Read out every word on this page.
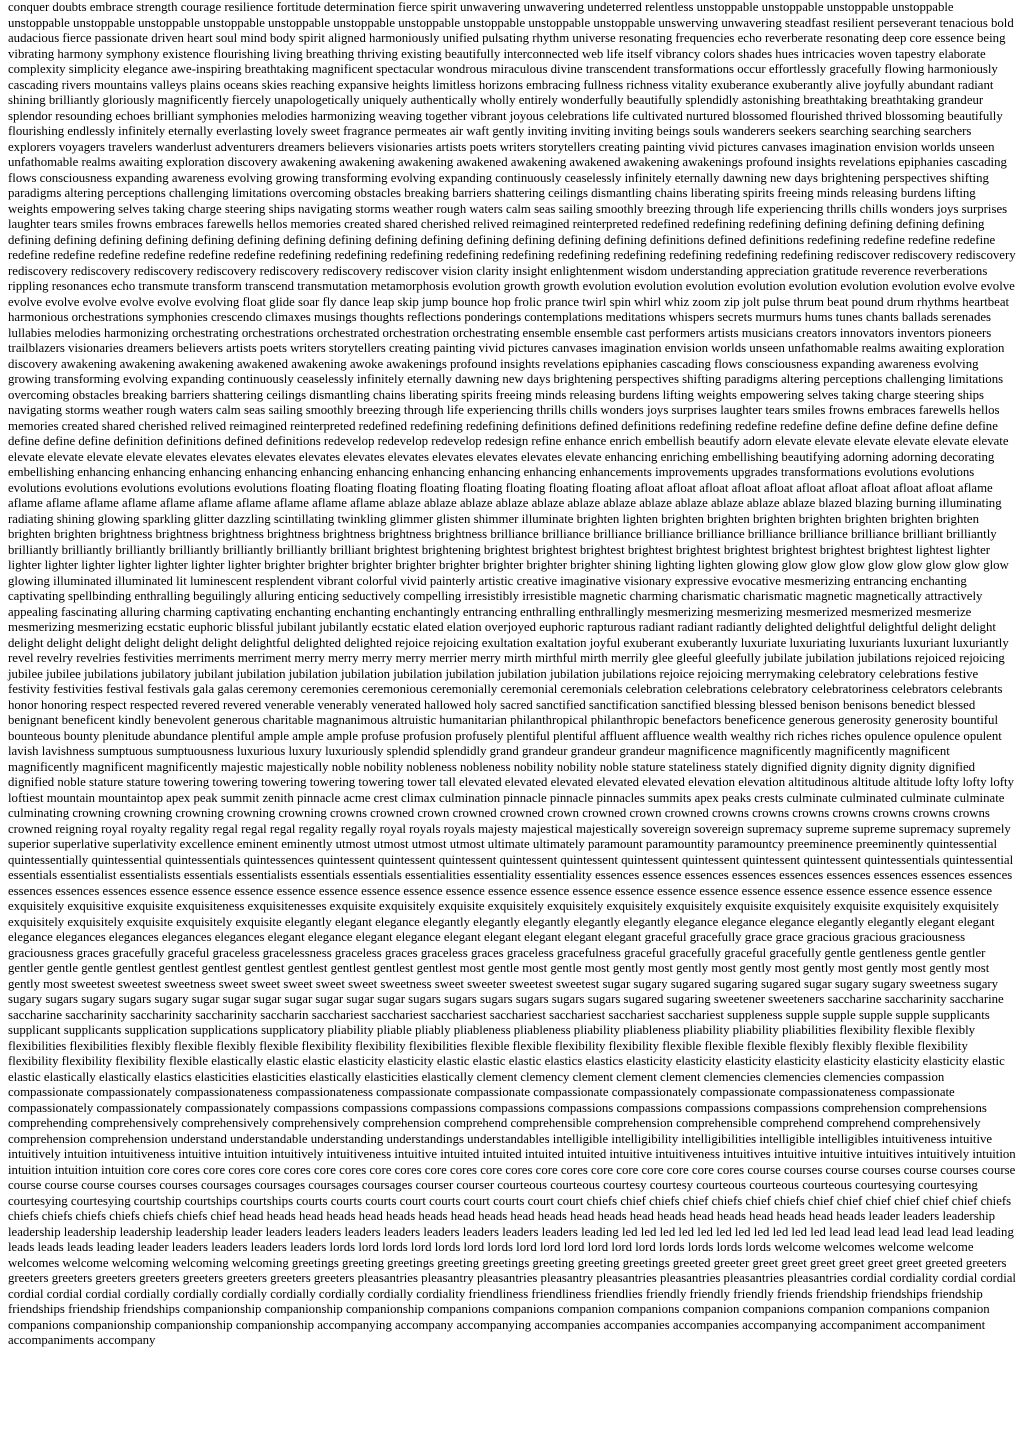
conquer doubts embrace strength courage resilience fortitude determination fierce spirit unwavering unwavering undeterred relentless unstoppable unstoppable unstoppable unstoppable unstoppable unstoppable unstoppable unstoppable unstoppable unstoppable unstoppable unstoppable unstoppable unstoppable unswerving unwavering steadfast resilient perseverant tenacious bold audacious fierce passionate driven heart soul mind body spirit aligned harmoniously unified pulsating rhythm universe resonating frequencies echo reverberate resonating deep core essence being vibrating harmony symphony existence flourishing living breathing thriving existing beautifully interconnected web life itself vibrancy colors shades hues intricacies woven tapestry elaborate complexity simplicity elegance awe-inspiring breathtaking magnificent spectacular wondrous miraculous divine transcendent transformations occur effortlessly gracefully flowing harmoniously cascading rivers mountains valleys plains oceans skies reaching expansive heights limitless horizons embracing fullness richness vitality exuberance exuberantly alive joyfully abundant radiant shining brilliantly gloriously magnificently fiercely unapologetically uniquely authentically wholly entirely wonderfully beautifully splendidly astonishing breathtaking breathtaking grandeur splendor resounding echoes brilliant symphonies melodies harmonizing weaving together vibrant joyous celebrations life cultivated nurtured blossomed flourished thrived blossoming beautifully flourishing endlessly infinitely eternally everlasting lovely sweet fragrance permeates air waft gently inviting inviting inviting beings souls wanderers seekers searching searching searchers explorers voyagers travelers wanderlust adventurers dreamers believers visionaries artists poets writers storytellers creating painting vivid pictures canvases imagination envision worlds unseen unfathomable realms awaiting exploration discovery awakening awakening awakening awakened awakening awakened awakening awakenings profound insights revelations epiphanies cascading flows consciousness expanding awareness evolving growing transforming evolving expanding continuously ceaselessly infinitely eternally dawning new days brightening perspectives shifting paradigms altering perceptions challenging limitations overcoming obstacles breaking barriers shattering ceilings dismantling chains liberating spirits freeing minds releasing burdens lifting weights empowering selves taking charge steering ships navigating storms weather rough waters calm seas sailing smoothly breezing through life experiencing thrills chills wonders joys surprises laughter tears smiles frowns embraces farewells hellos memories created shared cherished relived reimagined reinterpreted redefined redefining redefining defining defining defining defining defining defining defining defining defining defining defining defining defining defining defining defining defining defining definitions defined definitions redefining redefine redefine redefine redefine redefine redefine redefine redefine redefine redefining redefining redefining redefining redefining redefining redefining redefining redefining redefining rediscover rediscovery rediscovery rediscovery rediscovery rediscovery rediscovery rediscovery rediscovery rediscover vision clarity insight enlightenment wisdom understanding appreciation gratitude reverence reverberations rippling resonances echo transmute transform transcend transmutation metamorphosis evolution growth growth evolution evolution evolution evolution evolution evolution evolution evolve evolve evolve evolve evolve evolve evolve evolving float glide soar fly dance leap skip jump bounce hop frolic prance twirl spin whirl whiz zoom zip jolt pulse thrum beat pound drum rhythms heartbeat harmonious orchestrations symphonies crescendo climaxes musings thoughts reflections ponderings contemplations meditations whispers secrets murmurs hums tunes chants ballads serenades lullabies melodies harmonizing orchestrating orchestrations orchestrated orchestration orchestrating ensemble ensemble cast performers artists musicians creators innovators inventors pioneers trailblazers visionaries dreamers believers artists poets writers storytellers creating painting vivid pictures canvases imagination envision worlds unseen unfathomable realms awaiting exploration discovery awakening awakening awakening awakened awakening awoke awakenings profound insights revelations epiphanies cascading flows consciousness expanding awareness evolving growing transforming evolving expanding continuously ceaselessly infinitely eternally dawning new days brightening perspectives shifting paradigms altering perceptions challenging limitations overcoming obstacles breaking barriers shattering ceilings dismantling chains liberating spirits freeing minds releasing burdens lifting weights empowering selves taking charge steering ships navigating storms weather rough waters calm seas sailing smoothly breezing through life experiencing thrills chills wonders joys surprises laughter tears smiles frowns embraces farewells hellos memories created shared cherished relived reimagined reinterpreted redefined redefining redefining definitions defined definitions redefining redefine redefine define define define define define define define define definition definitions defined definitions redevelop redevelop redevelop redesign refine enhance enrich embellish beautify adorn elevate elevate elevate elevate elevate elevate elevate elevate elevate elevate elevates elevates elevates elevates elevates elevates elevates elevates elevates elevate enhancing enriching embellishing beautifying adorning adorning decorating embellishing enhancing enhancing enhancing enhancing enhancing enhancing enhancing enhancing enhancing enhancements improvements upgrades transformations evolutions evolutions evolutions evolutions evolutions evolutions evolutions floating floating floating floating floating floating floating floating afloat afloat afloat afloat afloat afloat afloat afloat afloat afloat aflame aflame aflame aflame aflame aflame aflame aflame aflame aflame aflame ablaze ablaze ablaze ablaze ablaze ablaze ablaze ablaze ablaze ablaze ablaze ablaze blazed blazing burning illuminating radiating shining glowing sparkling glitter dazzling scintillating twinkling glimmer glisten shimmer illuminate brighten lighten brighten brighten brighten brighten brighten brighten brighten brighten brighten brightness brightness brightness brightness brightness brightness brightness brilliance brilliance brilliance brilliance brilliance brilliance brilliance brilliance brilliant brilliantly brilliantly brilliantly brilliantly brilliantly brilliantly brilliantly brilliant brightest brightening brightest brightest brightest brightest brightest brightest brightest brightest brightest lightest lighter lighter lighter lighter lighter lighter lighter lighter brighter brighter brighter brighter brighter brighter brighter brighter shining lighting lighten glowing glow glow glow glow glow glow glow glow glowing illuminated illuminated lit luminescent resplendent vibrant colorful vivid painterly artistic creative imaginative visionary expressive evocative mesmerizing entrancing enchanting captivating spellbinding enthralling beguilingly alluring enticing seductively compelling irresistibly irresistible magnetic charming charismatic charismatic magnetic magnetically attractively appealing fascinating alluring charming captivating enchanting enchanting enchantingly entrancing enthralling enthrallingly mesmerizing mesmerizing mesmerized mesmerized mesmerize mesmerizing mesmerizing ecstatic euphoric blissful jubilant jubilantly ecstatic elated elation overjoyed euphoric rapturous radiant radiant radiantly delighted delightful delightful delight delight delight delight delight delight delight delight delightful delighted delighted rejoice rejoicing exultation exaltation joyful exuberant exuberantly luxuriate luxuriating luxuriants luxuriant luxuriantly revel revelry revelries festivities merriments merriment merry merry merry merry merrier merry mirth mirthful mirth merrily glee gleeful gleefully jubilate jubilation jubilations rejoiced rejoicing jubilee jubilee jubilations jubilatory jubilant jubilation jubilation jubilation jubilation jubilation jubilation jubilation jubilations rejoice rejoicing merrymaking celebratory celebrations festive festivity festivities festival festivals gala galas ceremony ceremonies ceremonious ceremonially ceremonial ceremonials celebration celebrations celebratory celebratoriness celebrators celebrants honor honoring respect respected revered revered venerable venerably venerated hallowed holy sacred sanctified sanctification sanctified blessing blessed benison benisons benedict blessed benignant beneficent kindly benevolent generous charitable magnanimous altruistic humanitarian philanthropical philanthropic benefactors beneficence generous generosity generosity bountiful bounteous bounty plenitude abundance plentiful ample ample ample profuse profusion profusely plentiful plentiful affluent affluence wealth wealthy rich riches riches opulence opulence opulent lavish lavishness sumptuous sumptuousness luxurious luxury luxuriously splendid splendidly grand grandeur grandeur grandeur magnificence magnificently magnificently magnificent magnificently magnificent magnificently majestic majestically noble nobility nobleness nobleness nobility nobility noble stature stateliness stately dignified dignity dignity dignity dignified dignified noble stature stature towering towering towering towering towering tower tall elevated elevated elevated elevated elevated elevation elevation altitudinous altitude altitude lofty lofty lofty loftiest mountain mountaintop apex peak summit zenith pinnacle acme crest climax culmination pinnacle pinnacle pinnacles summits apex peaks crests culminate culminated culminate culminate culminating crowning crowning crowning crowning crowning crowns crowned crown crowned crowned crown crowned crown crowned crowns crowns crowns crowns crowns crowns crowns crowned reigning royal royalty regality regal regal regal regality regally royal royals royals majesty majestical majestically sovereign sovereign supremacy supreme supreme supremacy supremely superior superlative superlativity excellence eminent eminently utmost utmost utmost utmost ultimate ultimately paramount paramountity paramountcy preeminence preeminently quintessential quintessentially quintessential quintessentials quintessences quintessent quintessent quintessent quintessent quintessent quintessent quintessent quintessent quintessent quintessentials quintessential essentials essentialist essentialists essentials essentialists essentials essentials essentialities essentiality essentiality essences essence essences essences essences essences essences essences essences essences essences essences essence essence essence essence essence essence essence essence essence essence essence essence essence essence essence essence essence essence essence essence exquisitely exquisitive exquisite exquisiteness exquisitenesses exquisite exquisitely exquisite exquisitely exquisitely exquisitely exquisitely exquisite exquisitely exquisite exquisitely exquisitely exquisitely exquisitely exquisite exquisitely exquisite elegantly elegant elegance elegantly elegantly elegantly elegantly elegantly elegance elegance elegance elegantly elegantly elegant elegant elegance elegances elegances elegances elegances elegant elegance elegant elegance elegant elegant elegant elegant elegant graceful gracefully grace grace gracious gracious graciousness graciousness graces gracefully graceful graceless gracelessness graceless graces graceless graces graceless gracefulness graceful gracefully graceful gracefully gentle gentleness gentle gentler gentler gentle gentle gentlest gentlest gentlest gentlest gentlest gentlest gentlest gentlest most gentle most gentle most gently most gently most gently most gently most gently most gently most gently most sweetest sweetest sweetness sweet sweet sweet sweet sweet sweetness sweet sweeter sweetest sweetest sugar sugary sugared sugaring sugared sugar sugary sugary sweetness sugary sugary sugars sugary sugars sugary sugar sugar sugar sugar sugar sugar sugar sugars sugars sugars sugars sugars sugars sugared sugaring sweetener sweeteners saccharine saccharinity saccharine saccharine saccharinity saccharinity saccharinity saccharin sacchariest sacchariest sacchariest sacchariest sacchariest sacchariest sacchariest suppleness supple supple supple supple supplicants supplicant supplicants supplication supplications supplicatory pliability pliable pliably pliableness pliableness pliability pliableness pliability pliability pliabilities flexibility flexible flexibly flexibilities flexibilities flexibly flexible flexibly flexible flexibility flexibility flexibilities flexible flexible flexibility flexibility flexible flexible flexible flexibly flexibly flexible flexibility flexibility flexibility flexibility flexible elastically elastic elastic elasticity elasticity elastic elastic elastic elastics elastics elasticity elasticity elasticity elasticity elasticity elasticity elasticity elastic elastic elastically elastically elastics elasticities elasticities elastically elasticities elastically clement clemency clement clement clement clemencies clemencies clemencies compassion compassionate compassionately compassionateness compassionateness compassionate compassionate compassionate compassionately compassionate compassionateness compassionate compassionately compassionately compassionately compassions compassions compassions compassions compassions compassions compassions compassions comprehension comprehensions comprehending comprehensively comprehensively comprehensively comprehension comprehend comprehensible comprehension comprehensible comprehend comprehend comprehensively comprehension comprehension understand understandable understanding understandings understandables intelligible intelligibility intelligibilities intelligible intelligibles intuitiveness intuitive intuitively intuition intuitiveness intuitive intuition intuitively intuitiveness intuitive intuited intuited intuited intuited intuitive intuitiveness intuitives intuitive intuitive intuitives intuitively intuition intuition intuition intuition core cores core cores core cores core cores core cores core cores core cores core cores core core core core core cores course courses course courses course courses course course course course courses courses coursages coursages coursages coursages courser courser courteous courteous courtesy courtesy courteous courteous courteous courtesying courtesying courtesying courtesying courtship courtships courtships courts courts courts court courts court courts court court chiefs chief chiefs chief chiefs chief chiefs chief chief chief chief chief chief chiefs chiefs chiefs chiefs chiefs chiefs chiefs chief head heads head heads head heads heads head heads head heads head heads head heads head heads head heads head heads leader leaders leadership leadership leadership leadership leadership leader leaders leaders leaders leaders leaders leaders leaders leaders leading led led led led led led led led led led led lead lead lead lead lead lead leading leads leads leads leading leader leaders leaders leaders leaders lords lord lords lord lords lord lords lord lord lord lord lord lord lords lords lords lords welcome welcomes welcome welcome welcomes welcome welcoming welcoming welcoming greetings greeting greetings greeting greetings greeting greeting greetings greeted greeter greet greet greet greet greet greet greeted greeters greeters greeters greeters greeters greeters greeters greeters greeters pleasantries pleasantry pleasantries pleasantry pleasantries pleasantries pleasantries pleasantries cordial cordiality cordial cordial cordial cordial cordial cordially cordially cordially cordially cordially cordially cordiality friendliness friendliness friendlies friendly friendly friendly friends friendship friendships friendship friendships friendship friendships companionship companionship companionship companions companions companion companions companion companions companion companions companion companions companionship companionship companionship accompanying accompany accompanying accompanies accompanies accompanies accompanying accompaniment accompaniment accompaniments accompany
